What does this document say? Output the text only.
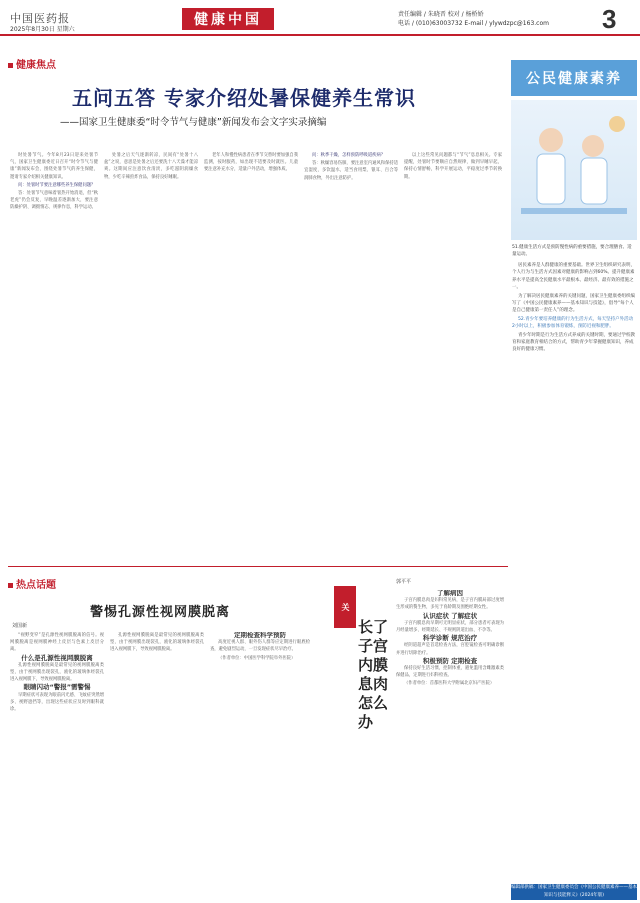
中国医药报
2025年8月30日 星期六
健康中国	责任编辑 / 朱晓晋 校对 / 杨桥娇
电话 / (010)63003732 E-mail / ylywdzpc@163.com	3
健康焦点
五问五答 专家介绍处暑保健养生常识
——国家卫生健康委“时令节气与健康”新闻发布会文字实录摘编

时处暑节气。今年8月23日迎来处暑节气，国家卫生健康委近日召开“时令节气与健康”新闻发布会，围绕处暑节气的养生保健，邀请专家介绍相关健康知识。

问：处暑时节要注意哪些养生保健问题？

答：处暑节气意味着暑热开始消退，但“秋老虎”仍会反复，早晚温差逐渐加大，要注意防燥护阴、调摄情志、规律作息，科学运动。

处暑之后天气逐渐转凉，民间有“处暑十八盆”之说，意思是处暑之后还要洗十八天澡才能凉爽。这期间应注意饮食清淡，多吃滋阴润燥食物，少吃辛辣煎炸食品，保持良好睡眠。

老年人和慢性病患者在季节交替时要加强自我监测，按时服药，如出现不适要及时就医。儿童要注意补充水分，适量户外活动，增强体质。

问：秋季干燥，怎样预防呼吸道疾病？

答：秋燥容易伤肺，要注意室内通风和保持适宜湿度，多饮温水，适当食用梨、银耳、百合等润肺食物，外出注意防护。

以上这些常见问题都与“节气”息息相关。专家提醒，处暑时节要顺应自然规律，做到早睡早起，保持心情舒畅，科学开展运动，平稳度过季节转换期。

公民健康素养
51.健康生活方式是预防慢性病的重要措施，要合理膳食、适量运动。

居民素养是人群健康的重要基础。世界卫生组织研究表明，个人行为与生活方式因素对健康的影响占到60%。提升健康素养水平是提高全民健康水平最根本、最经济、最有效的措施之一。

为了解决居民健康素养的关键问题，国家卫生健康委组织编写了《中国公民健康素养——基本知识与技能》，倡导“每个人是自己健康第一责任人”的理念。

52.青少年要培养健康的行为生活方式，每天坚持户外活动2小时以上，积极参加体育锻炼，预防近视和肥胖。

青少年时期是行为生活方式养成的关键时期，要通过学校教育和家庭教育相结合的方式，帮助青少年掌握健康知识，养成良好的健康习惯。

编辑部供稿：国家卫生健康委员会《中国公民健康素养——基本知识与技能释义》(2024年版)
热点话题
警惕孔源性视网膜脱离
刘国新

“视野变窄”是孔源性视网膜脱离的信号。视网膜脱离是视网膜神经上皮层与色素上皮层分离。

什么是孔源性视网膜脱离

孔源性视网膜脱离是最常见的视网膜脱离类型，由于视网膜出现裂孔，液化的玻璃体经裂孔进入视网膜下，导致视网膜脱离。

眼睛闪动“警报”需警惕

早期症状可表现为眼前闪光感、飞蚊症突然增多、视野遮挡等，出现这些症状应及时到眼科就诊。

孔源性视网膜脱离是最常见的视网膜脱离类型，由于视网膜出现裂孔，液化的玻璃体经裂孔进入视网膜下，导致视网膜脱离。

定期检查科学预防

高度近视人群、眼外伤人群等应定期进行眼底检查，避免剧烈运动，一旦发现症状尽早治疗。

（作者单位：中国医学科学院阜外医院）

关爱“她”健康
长了子宫内膜息肉怎么办
郭平平
了解病因

子宫内膜息肉是妇科常见病，是子宫内膜局部过度增生形成的赘生物，多见于育龄期及围绝经期女性。

认识症状 了解症状

子宫内膜息肉早期可无明显症状，部分患者可表现为月经量增多、经期延长、不规则阴道出血、不孕等。

科学诊断 规范治疗

经阴道超声是首选检查方法，宫腔镜检查可明确诊断并进行切除治疗。

积极预防 定期检查

保持良好生活习惯，控制体重，避免滥用含雌激素类保健品，定期进行妇科检查。

（作者单位：首都医科大学附属北京妇产医院）
